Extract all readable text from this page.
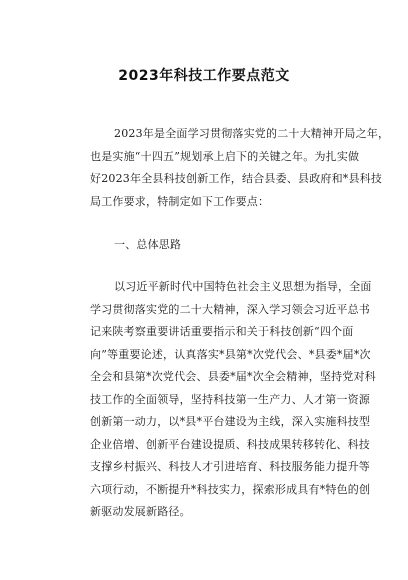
2023年科技工作要点范文
2023年是全面学习贯彻落实党的二十大精神开局之年，
也是实施“十四五”规划承上启下的关键之年。为扎实做
好2023年全县科技创新工作，结合县委、县政府和*县科技
局工作要求，特制定如下工作要点：
一、总体思路
以习近平新时代中国特色社会主义思想为指导，全面
学习贯彻落实党的二十大精神，深入学习领会习近平总书
记来陕考察重要讲话重要指示和关于科技创新“四个面
向”等重要论述，认真落实*县第*次党代会、*县委*届*次
全会和县第*次党代会、县委*届*次全会精神，坚持党对科
技工作的全面领导，坚持科技第一生产力、人才第一资源
创新第一动力，以*县*平台建设为主线，深入实施科技型
企业倍增、创新平台建设提质、科技成果转移转化、科技
支撑乡村振兴、科技人才引进培育、科技服务能力提升等
六项行动，不断提升*科技实力，探索形成具有*特色的创
新驱动发展新路径。
